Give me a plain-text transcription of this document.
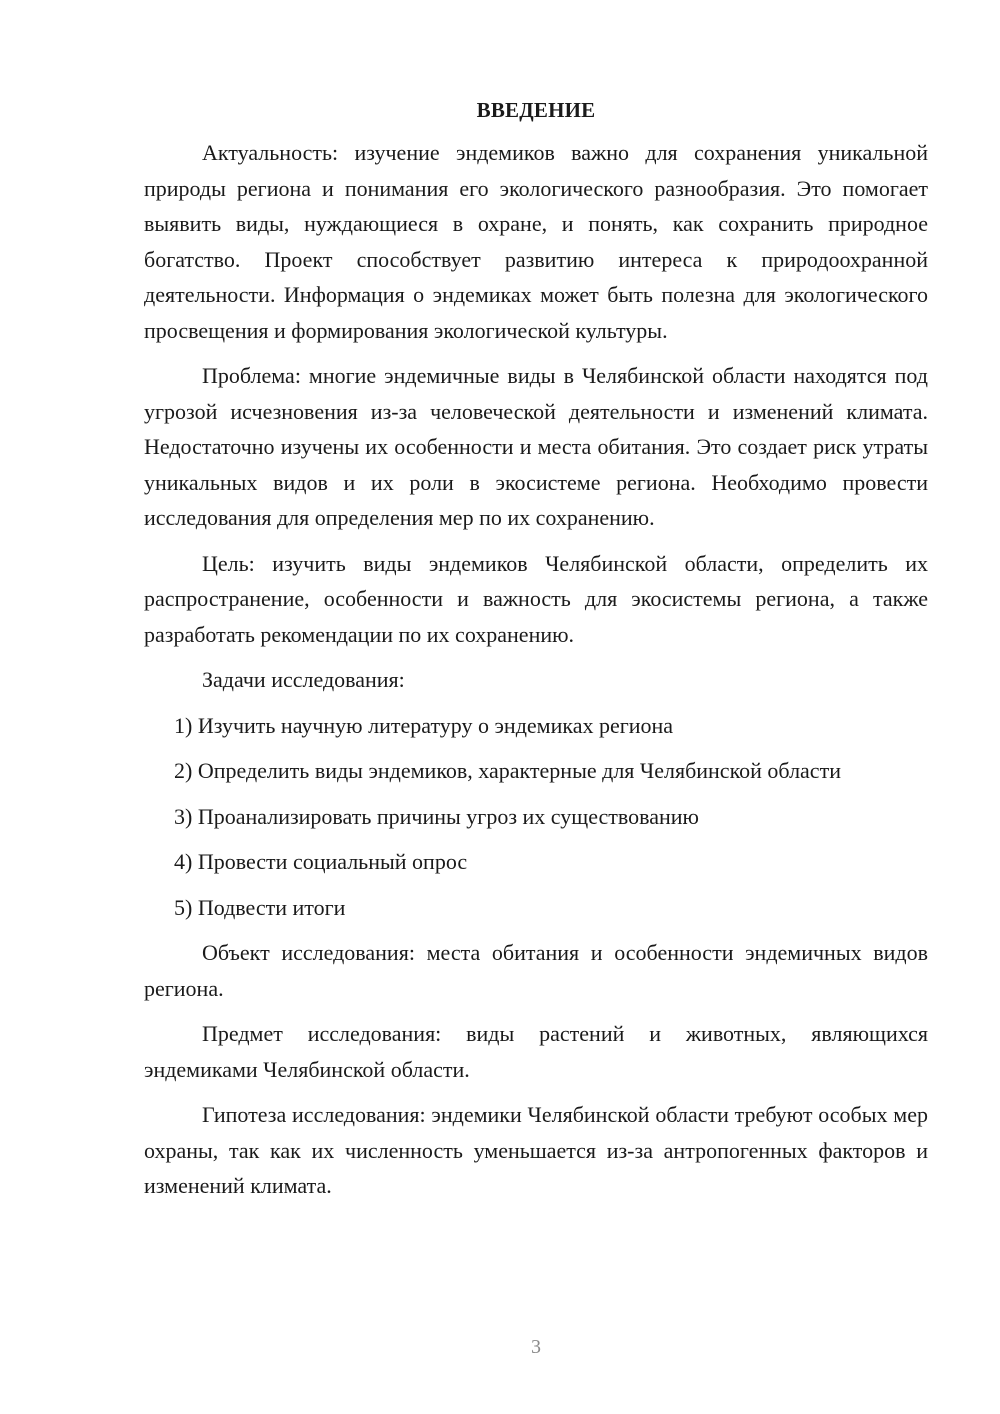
ВВЕДЕНИЕ

Актуальность: изучение эндемиков важно для сохранения уникальной природы региона и понимания его экологического разнообразия. Это помогает выявить виды, нуждающиеся в охране, и понять, как сохранить природное богатство. Проект способствует развитию интереса к природоохранной деятельности. Информация о эндемиках может быть полезна для экологического просвещения и формирования экологической культуры.

Проблема: многие эндемичные виды в Челябинской области находятся под угрозой исчезновения из-за человеческой деятельности и изменений климата. Недостаточно изучены их особенности и места обитания. Это создает риск утраты уникальных видов и их роли в экосистеме региона. Необходимо провести исследования для определения мер по их сохранению.

Цель: изучить виды эндемиков Челябинской области, определить их распространение, особенности и важность для экосистемы региона, а также разработать рекомендации по их сохранению.

Задачи исследования:

1) Изучить научную литературу о эндемиках региона

2) Определить виды эндемиков, характерные для Челябинской области

3) Проанализировать причины угроз их существованию

4) Провести социальный опрос

5) Подвести итоги

Объект исследования: места обитания и особенности эндемичных видов региона.

Предмет исследования: виды растений и животных, являющихся эндемиками Челябинской области.

Гипотеза исследования: эндемики Челябинской области требуют особых мер охраны, так как их численность уменьшается из-за антропогенных факторов и изменений климата.

3
